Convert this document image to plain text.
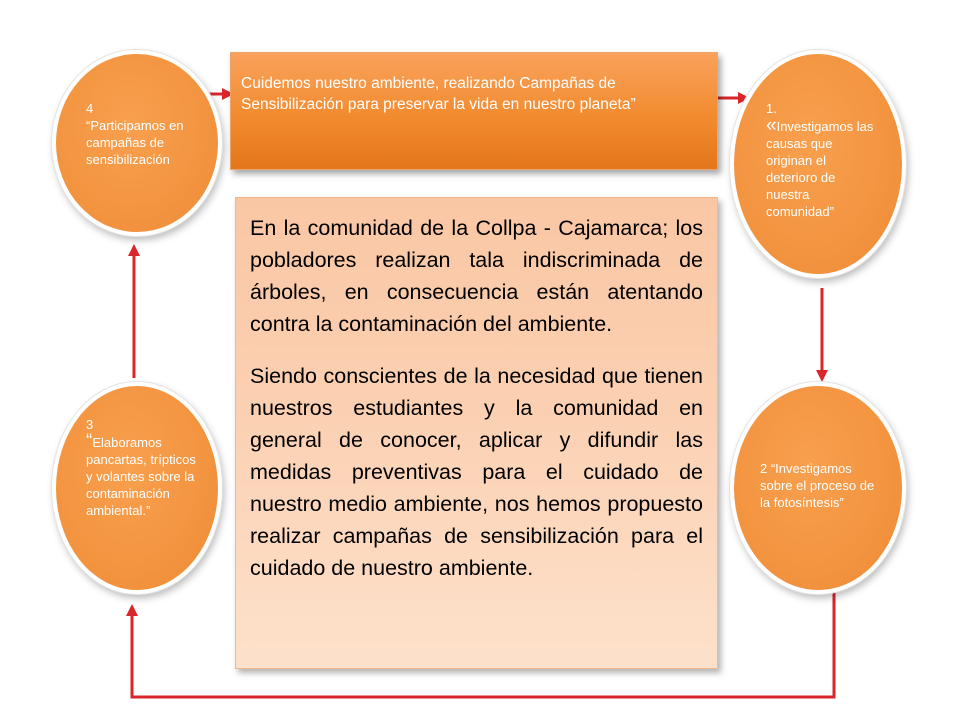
4
“Participamos en campañas de sensibilización
Cuidemos nuestro ambiente, realizando Campañas de Sensibilización para preservar la vida en nuestro planeta”	1.
«Investigamos las causas que originan el deterioro de nuestra comunidad”

En la comunidad de la Collpa - Cajamarca; los pobladores realizan tala indiscriminada de árboles, en consecuencia están atentando contra la contaminación del ambiente.

Siendo conscientes de la necesidad que tienen nuestros estudiantes y la comunidad en general de conocer, aplicar y difundir las medidas preventivas para el cuidado de nuestro medio ambiente, nos hemos propuesto realizar campañas de sensibilización para el cuidado de nuestro ambiente.

3
“Elaboramos pancartas, trípticos y volantes sobre la contaminación ambiental.”
2 “Investigamos sobre el proceso de la fotosíntesis”
